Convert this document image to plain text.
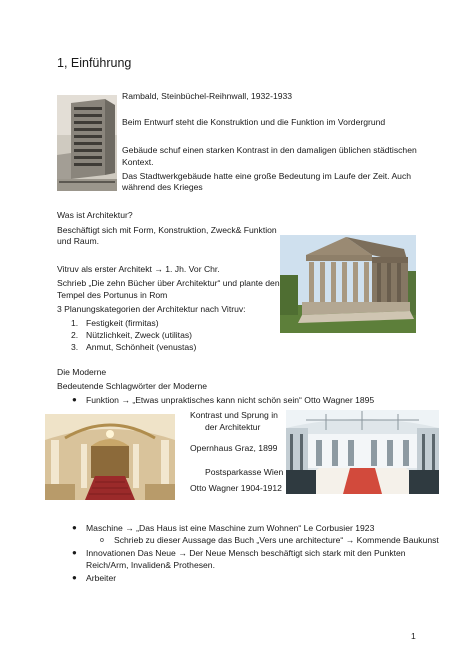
1, Einführung
Rambald, Steinbüchel-Reihnwall, 1932-1933
Beim Entwurf steht die Konstruktion und die Funktion im Vordergrund
Gebäude schuf einen starken Kontrast in den damaligen üblichen städtischen
Kontext.
Das Stadtwerkgebäude hatte eine große Bedeutung im Laufe der Zeit. Auch
während des Krieges
Was ist Architektur?
Beschäftigt sich mit Form, Konstruktion, Zweck& Funktion
und Raum.
Vitruv als erster Architekt → 1. Jh. Vor Chr.
Schrieb „Die zehn Bücher über Architektur“ und plante den
Tempel des Portunus in Rom
3 Planungskategorien der Architektur nach Vitruv:
1. Festigkeit (firmitas)
2. Nützlichkeit, Zweck (utilitas)
3. Anmut, Schönheit (venustas)
Die Moderne
Bedeutende Schlagwörter der Moderne
● Funktion → „Etwas unpraktisches kann nicht schön sein“ Otto Wagner 1895
Kontrast und Sprung in
der Architektur
Opernhaus Graz, 1899
Postsparkasse Wien
Otto Wagner 1904-1912
● Maschine → „Das Haus ist eine Maschine zum Wohnen“ Le Corbusier 1923
o Schrieb zu dieser Aussage das Buch „Vers une architecture“ → Kommende Baukunst
● Innovationen Das Neue → Der Neue Mensch beschäftigt sich stark mit den Punkten
Reich/Arm, Invaliden& Prothesen.
● Arbeiter
1
